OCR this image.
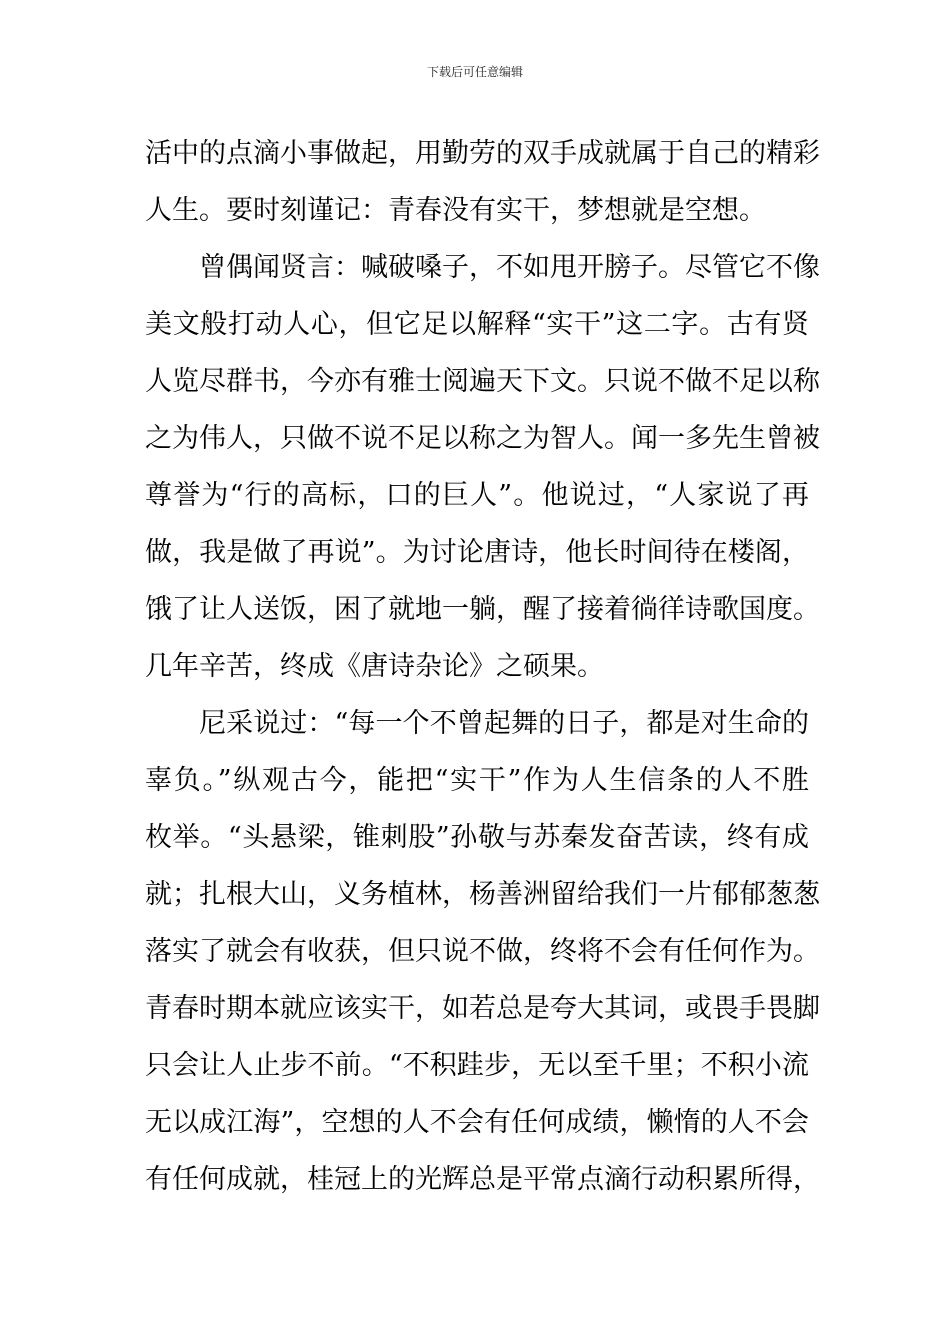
下载后可任意编辑
活中的点滴小事做起，用勤劳的双手成就属于自己的精彩
人生。要时刻谨记：青春没有实干，梦想就是空想。
曾偶闻贤言：喊破嗓子，不如甩开膀子。尽管它不像
美文般打动人心，但它足以解释“实干”这二字。古有贤
人览尽群书，今亦有雅士阅遍天下文。只说不做不足以称
之为伟人，只做不说不足以称之为智人。闻一多先生曾被
尊誉为“行的高标，口的巨人”。他说过，“人家说了再
做，我是做了再说”。为讨论唐诗，他长时间待在楼阁，
饿了让人送饭，困了就地一躺，醒了接着徜徉诗歌国度。
几年辛苦，终成《唐诗杂论》之硕果。
尼采说过：“每一个不曾起舞的日子，都是对生命的
辜负。”纵观古今，能把“实干”作为人生信条的人不胜
枚举。“头悬梁，锥刺股”孙敬与苏秦发奋苦读，终有成
就；扎根大山，义务植林，杨善洲留给我们一片郁郁葱葱
落实了就会有收获，但只说不做，终将不会有任何作为。
青春时期本就应该实干，如若总是夸大其词，或畏手畏脚
只会让人止步不前。“不积跬步，无以至千里；不积小流
无以成江海”，空想的人不会有任何成绩，懒惰的人不会
有任何成就，桂冠上的光辉总是平常点滴行动积累所得，
